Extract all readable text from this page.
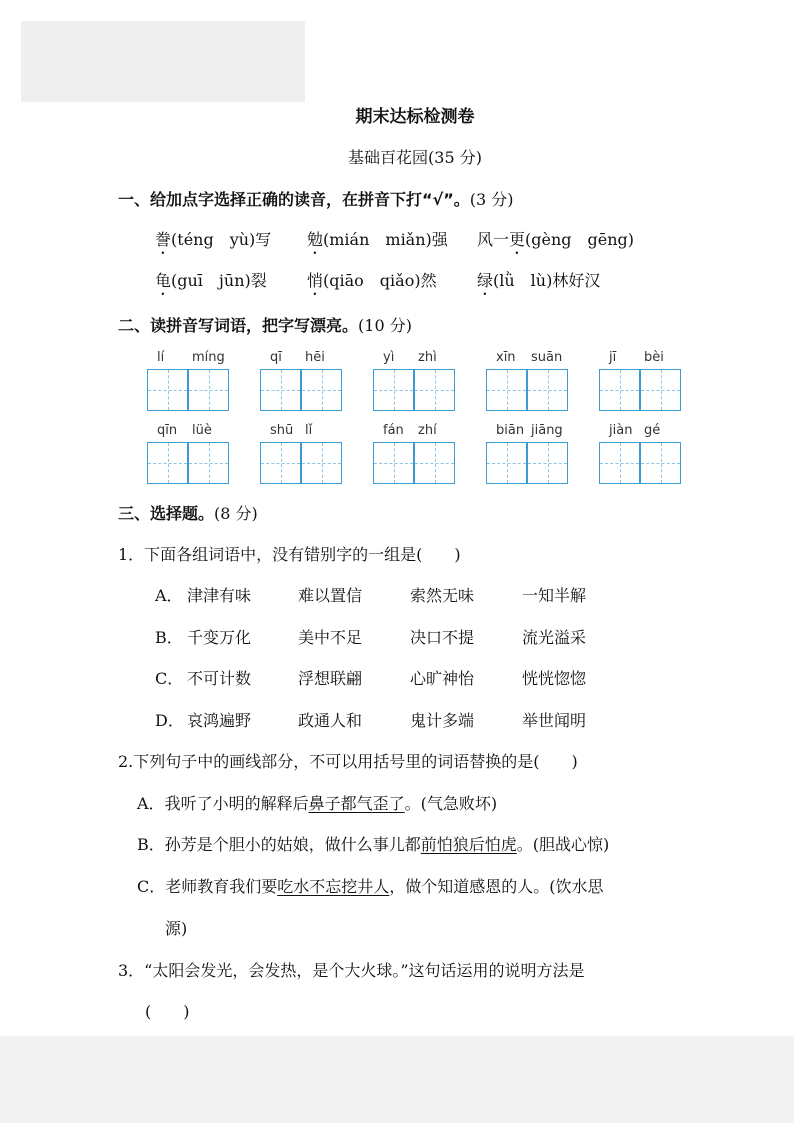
期末达标检测卷
基础百花园(35 分)
一、给加点字选择正确的读音，在拼音下打“√”。(3 分)
誊(téng　yù)写 勉(mián　miǎn)强 风一更(gèng　gēng)
龟(guī　jūn)裂	悄(qiāo　qiǎo)然	绿(lǜ　lù)林好汉
二、读拼音写词语，把字写漂亮。(10 分)
lí míng	qī hēi	yì zhì	xīn suān	jī bèi
qīn lüè	shū lǐ	fán zhí	biān jiāng	jiàn gé
三、选择题。(8 分)
1．下面各组词语中，没有错别字的一组是(　　)
A． 津津有味	难以置信	索然无味	一知半解
B． 千变万化	美中不足	决口不提	流光溢采
C． 不可计数	浮想联翩	心旷神怡	恍恍惚惚
D． 哀鸿遍野	政通人和	鬼计多端	举世闻明
2.下列句子中的画线部分，不可以用括号里的词语替换的是(　　)
A．我听了小明的解释后鼻子都气歪了。(气急败坏)
B．孙芳是个胆小的姑娘，做什么事儿都前怕狼后怕虎。(胆战心惊)
C．老师教育我们要吃水不忘挖井人，做个知道感恩的人。(饮水思
源)
3．“太阳会发光，会发热，是个大火球。”这句话运用的说明方法是
(　　)
